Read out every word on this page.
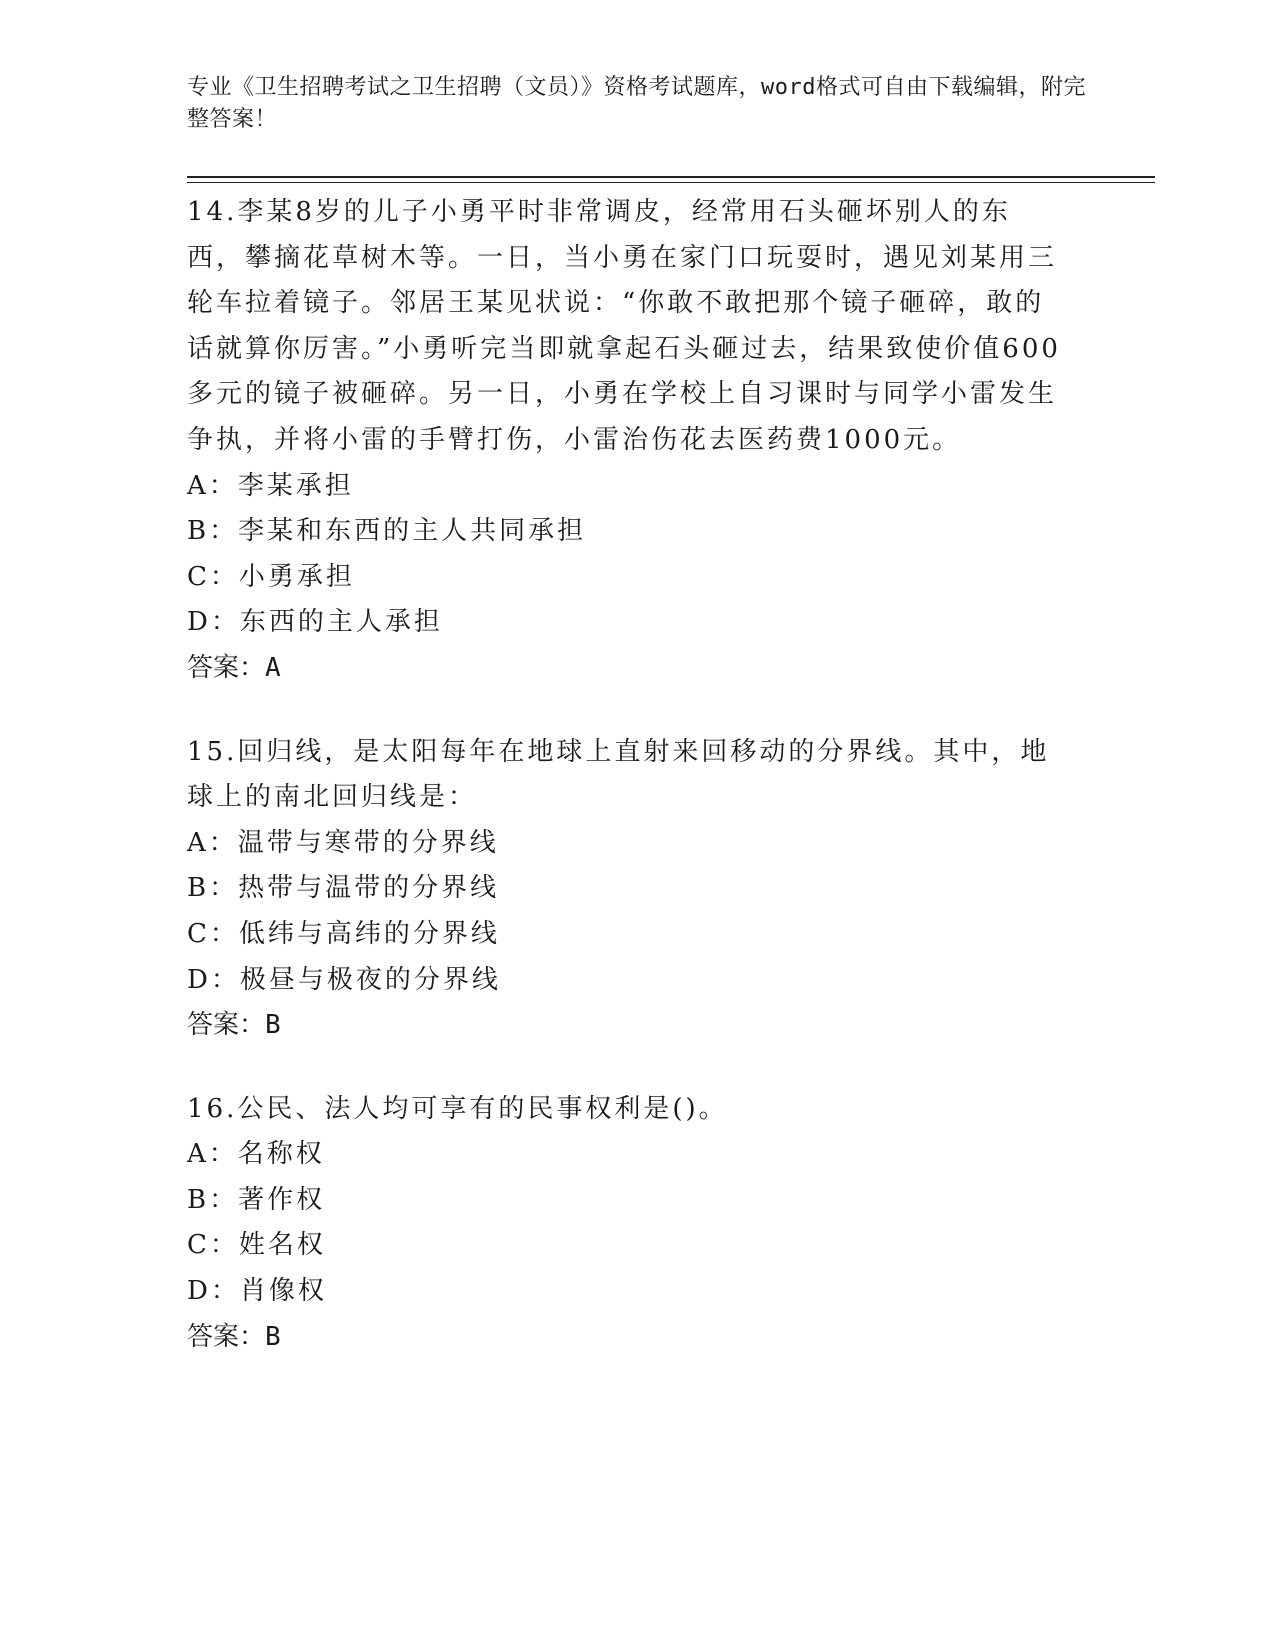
专业《卫生招聘考试之卫生招聘（文员）》资格考试题库，word格式可自由下载编辑，附完整答案！

14.李某8岁的儿子小勇平时非常调皮，经常用石头砸坏别人的东西，攀摘花草树木等。一日，当小勇在家门口玩耍时，遇见刘某用三轮车拉着镜子。邻居王某见状说：“你敢不敢把那个镜子砸碎，敢的话就算你厉害。”小勇听完当即就拿起石头砸过去，结果致使价值600多元的镜子被砸碎。另一日，小勇在学校上自习课时与同学小雷发生争执，并将小雷的手臂打伤，小雷治伤花去医药费1000元。

A：李某承担

B：李某和东西的主人共同承担

C：小勇承担

D：东西的主人承担

答案：A

15.回归线，是太阳每年在地球上直射来回移动的分界线。其中，地球上的南北回归线是：

A：温带与寒带的分界线

B：热带与温带的分界线

C：低纬与高纬的分界线

D：极昼与极夜的分界线

答案：B

16.公民、法人均可享有的民事权利是()。

A：名称权

B：著作权

C：姓名权

D：肖像权

答案：B
